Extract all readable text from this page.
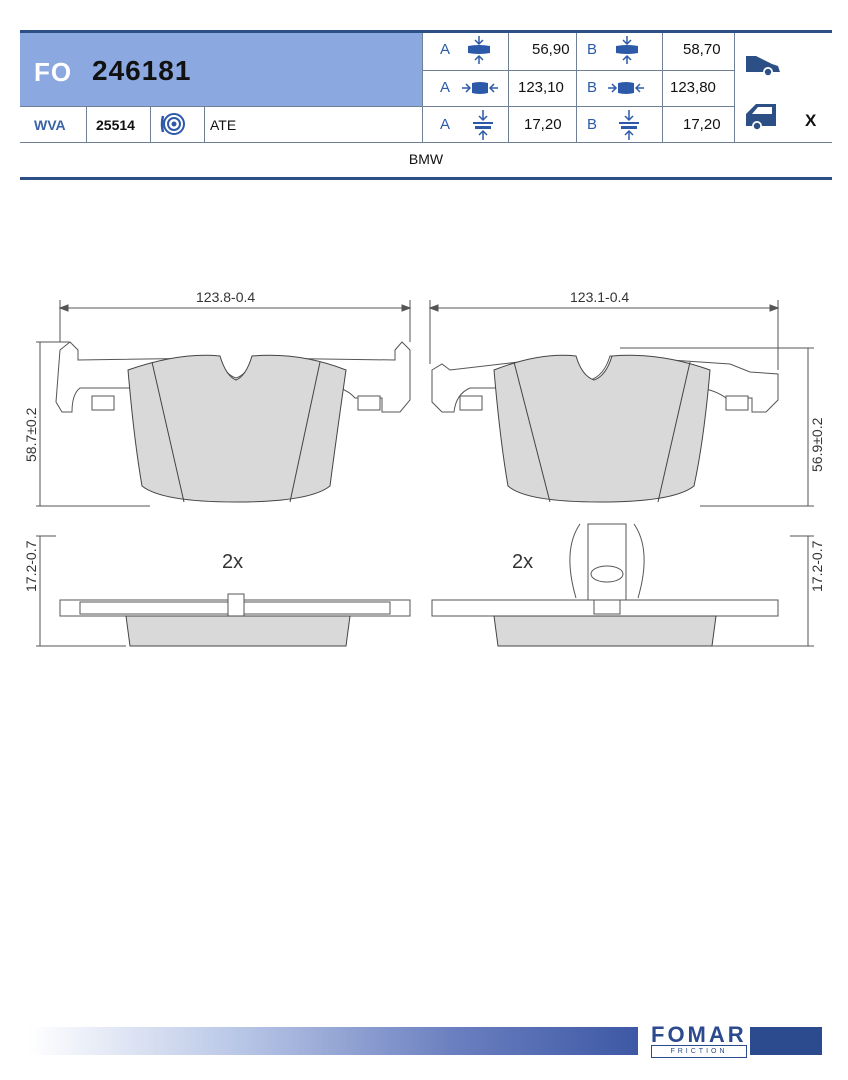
FO 246181
WVA 25514	ATE
A	56,90 B	58,70
A	123,10 B	123,80
A	17,20 B	17,20	X
BMW
123.8-0.4	123.1-0.4
58.7±0.2	56.9±0.2
17.2-0.7	17.2-0.7
2x	2x
FOMAR
FRICTION
